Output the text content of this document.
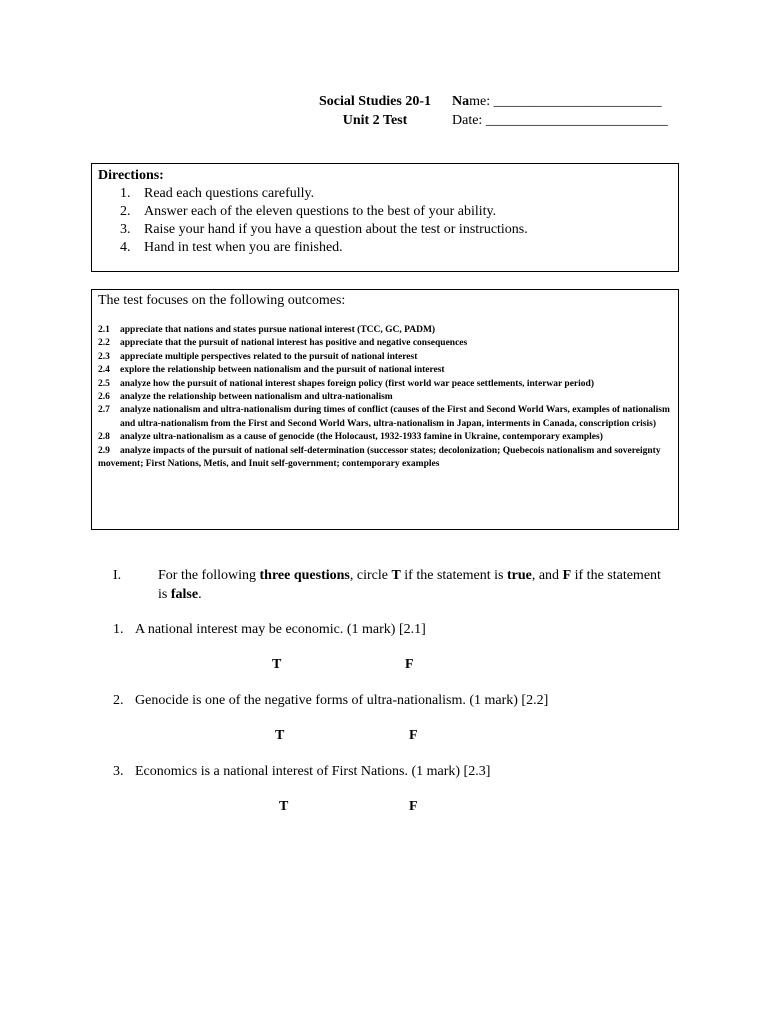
Social Studies 20-1
Unit 2 Test
Name: ________________________
Date: __________________________
Directions:
1. Read each questions carefully.
2. Answer each of the eleven questions to the best of your ability.
3. Raise your hand if you have a question about the test or instructions.
4. Hand in test when you are finished.
The test focuses on the following outcomes:
2.1	appreciate that nations and states pursue national interest (TCC, GC, PADM)
2.2	appreciate that the pursuit of national interest has positive and negative consequences
2.3	appreciate multiple perspectives related to the pursuit of national interest
2.4	explore the relationship between nationalism and the pursuit of national interest
2.5	analyze how the pursuit of national interest shapes foreign policy (first world war peace settlements, interwar period)
2.6	analyze the relationship between nationalism and ultra-nationalism
2.7	analyze nationalism and ultra-nationalism during times of conflict (causes of the First and Second World Wars, examples of nationalism and ultra-nationalism from the First and Second World Wars, ultra-nationalism in Japan, interments in Canada, conscription crisis)
2.8	analyze ultra-nationalism as a cause of genocide (the Holocaust, 1932-1933 famine in Ukraine, contemporary examples)
2.9 analyze impacts of the pursuit of national self-determination (successor states; decolonization; Quebecois nationalism and sovereignty movement; First Nations, Metis, and Inuit self-government; contemporary examples
I.	For the following three questions, circle T if the statement is true, and F if the statement is false.
1. A national interest may be economic. (1 mark) [2.1]
T	F
2. Genocide is one of the negative forms of ultra-nationalism. (1 mark) [2.2]
T	F
3. Economics is a national interest of First Nations. (1 mark) [2.3]
T	F
